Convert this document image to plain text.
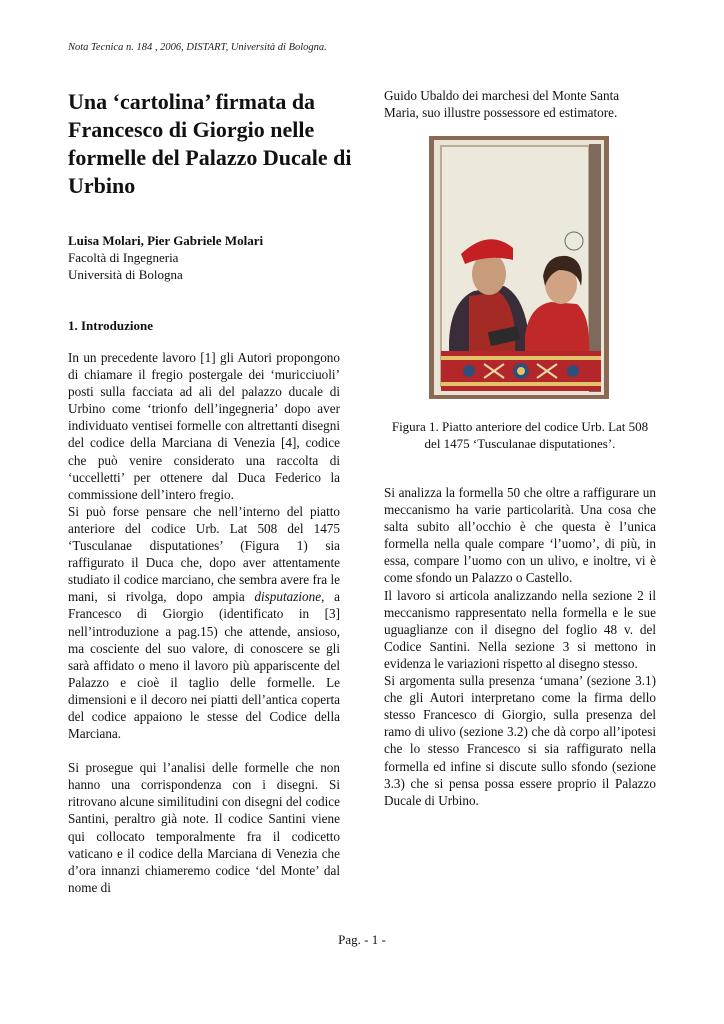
Nota Tecnica n. 184 , 2006, DISTART, Università di Bologna.
Una ‘cartolina’ firmata da Francesco di Giorgio nelle formelle del Palazzo Ducale di Urbino
Luisa Molari, Pier Gabriele Molari
Facoltà di Ingegneria
Università di Bologna
1. Introduzione

In un precedente lavoro [1] gli Autori propongono di chiamare il fregio postergale dei ‘muricciuoli’ posti sulla facciata ad ali del palazzo ducale di Urbino come ‘trionfo dell’ingegneria’ dopo aver individuato ventisei formelle con altrettanti disegni del codice della Marciana di Venezia [4], codice che può venire considerato una raccolta di ‘uccelletti’ per ottenere dal Duca Federico la commissione dell’intero fregio.

Si può forse pensare che nell’interno del piatto anteriore del codice Urb. Lat 508 del 1475 ‘Tusculanae disputationes’ (Figura 1) sia raffigurato il Duca che, dopo aver attentamente studiato il codice marciano, che sembra avere fra le mani, si rivolga, dopo ampia disputazione, a Francesco di Giorgio (identificato in [3] nell’introduzione a pag.15) che attende, ansioso, ma cosciente del suo valore, di conoscere se gli sarà affidato o meno il lavoro più appariscente del Palazzo e cioè il taglio delle formelle. Le dimensioni e il decoro nei piatti dell’antica coperta del codice appaiono le stesse del Codice della Marciana.

Si prosegue qui l’analisi delle formelle che non hanno una corrispondenza con i disegni. Si ritrovano alcune similitudini con disegni del codice Santini, peraltro già note. Il codice Santini viene qui collocato temporalmente fra il codicetto vaticano e il codice della Marciana di Venezia che d’ora innanzi chiameremo codice ‘del Monte’ dal nome di

Guido Ubaldo dei marchesi del Monte Santa Maria, suo illustre possessore ed estimatore.
Figura 1. Piatto anteriore del codice Urb. Lat 508 del 1475 ‘Tusculanae disputationes’.

Si analizza la formella 50 che oltre a raffigurare un meccanismo ha varie particolarità. Una cosa che salta subito all’occhio è che questa è l’unica formella nella quale compare ‘l’uomo’, di più, in essa, compare l’uomo con un ulivo, e inoltre, vi è come sfondo un Palazzo o Castello.

Il lavoro si articola analizzando nella sezione 2 il meccanismo rappresentato nella formella e le sue uguaglianze con il disegno del foglio 48 v. del Codice Santini. Nella sezione 3 si mettono in evidenza le variazioni rispetto al disegno stesso.

Si argomenta sulla presenza ‘umana’ (sezione 3.1) che gli Autori interpretano come la firma dello stesso Francesco di Giorgio, sulla presenza del ramo di ulivo (sezione 3.2) che dà corpo all’ipotesi che lo stesso Francesco si sia raffigurato nella formella ed infine si discute sullo sfondo (sezione 3.3) che si pensa possa essere proprio il Palazzo Ducale di Urbino.

Pag. - 1 -
